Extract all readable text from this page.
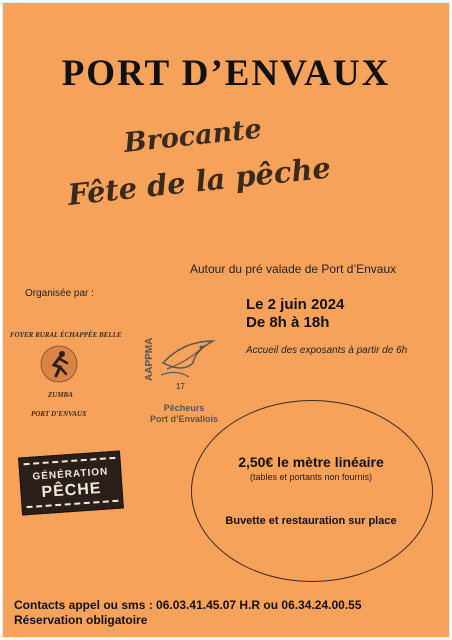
PORT D’ENVAUX
Brocante
Fête de la pêche
Autour du pré valade de Port d’Envaux
Organisée par :
Le 2 juin 2024
De 8h à 18h
Accueil des exposants à partir de 6h
FOYER RURAL ÉCHAPPÉE BELLE
ZUMBA
PORT D’ENVAUX
AAPPMA
17
Pêcheurs
Port d’Envallois
GÉNÉRATION
PÊCHE
2,50€ le mètre linéaire
(tables et portants non fournis)
Buvette et restauration sur place
Contacts appel ou sms : 06.03.41.45.07 H.R ou 06.34.24.00.55
Réservation obligatoire
